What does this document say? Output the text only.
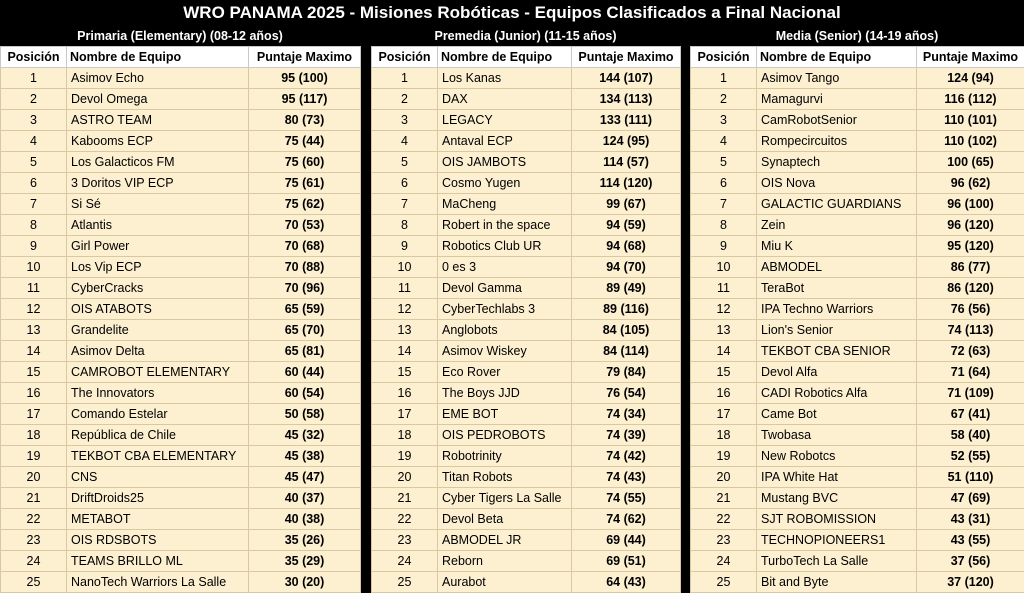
WRO PANAMA 2025 - Misiones Robóticas - Equipos Clasificados a Final Nacional
Primaria (Elementary) (08-12 años)
Posición	Nombre de Equipo	Puntaje Maximo
1	Asimov Echo	95 (100)
2	Devol Omega	95 (117)
3	ASTRO TEAM	80 (73)
4	Kabooms ECP	75 (44)
5	Los Galacticos FM	75 (60)
6	3 Doritos VIP ECP	75 (61)
7	Si Sé	75 (62)
8	Atlantis	70 (53)
9	Girl Power	70 (68)
10	Los Vip ECP	70 (88)
11	CyberCracks	70 (96)
12	OIS ATABOTS	65 (59)
13	Grandelite	65 (70)
14	Asimov Delta	65 (81)
15	CAMROBOT ELEMENTARY	60 (44)
16	The Innovators	60 (54)
17	Comando Estelar	50 (58)
18	República de Chile	45 (32)
19	TEKBOT CBA ELEMENTARY	45 (38)
20	CNS	45 (47)
21	DriftDroids25	40 (37)
22	METABOT	40 (38)
23	OIS RDSBOTS	35 (26)
24	TEAMS BRILLO ML	35 (29)
25	NanoTech Warriors La Salle	30 (20)
Premedia (Junior) (11-15 años)
Posición	Nombre de Equipo	Puntaje Maximo
1	Los Kanas	144 (107)
2	DAX	134 (113)
3	LEGACY	133 (111)
4	Antaval ECP	124 (95)
5	OIS JAMBOTS	114 (57)
6	Cosmo Yugen	114 (120)
7	MaCheng	99 (67)
8	Robert in the space	94 (59)
9	Robotics Club UR	94 (68)
10	0 es 3	94 (70)
11	Devol Gamma	89 (49)
12	CyberTechlabs 3	89 (116)
13	Anglobots	84 (105)
14	Asimov Wiskey	84 (114)
15	Eco Rover	79 (84)
16	The Boys JJD	76 (54)
17	EME BOT	74 (34)
18	OIS PEDROBOTS	74 (39)
19	Robotrinity	74 (42)
20	Titan Robots	74 (43)
21	Cyber Tigers La Salle	74 (55)
22	Devol Beta	74 (62)
23	ABMODEL JR	69 (44)
24	Reborn	69 (51)
25	Aurabot	64 (43)
Media (Senior) (14-19 años)
Posición	Nombre de Equipo	Puntaje Maximo
1	Asimov Tango	124 (94)
2	Mamagurvi	116 (112)
3	CamRobotSenior	110 (101)
4	Rompecircuitos	110 (102)
5	Synaptech	100 (65)
6	OIS Nova	96 (62)
7	GALACTIC GUARDIANS	96 (100)
8	Zein	96 (120)
9	Miu K	95 (120)
10	ABMODEL	86 (77)
11	TeraBot	86 (120)
12	IPA Techno Warriors	76 (56)
13	Lion's Senior	74 (113)
14	TEKBOT CBA SENIOR	72 (63)
15	Devol Alfa	71 (64)
16	CADI Robotics Alfa	71 (109)
17	Came Bot	67 (41)
18	Twobasa	58 (40)
19	New Robotcs	52 (55)
20	IPA White Hat	51 (110)
21	Mustang BVC	47 (69)
22	SJT ROBOMISSION	43 (31)
23	TECHNOPIONEERS1	43 (55)
24	TurboTech La Salle	37 (56)
25	Bit and Byte	37 (120)
